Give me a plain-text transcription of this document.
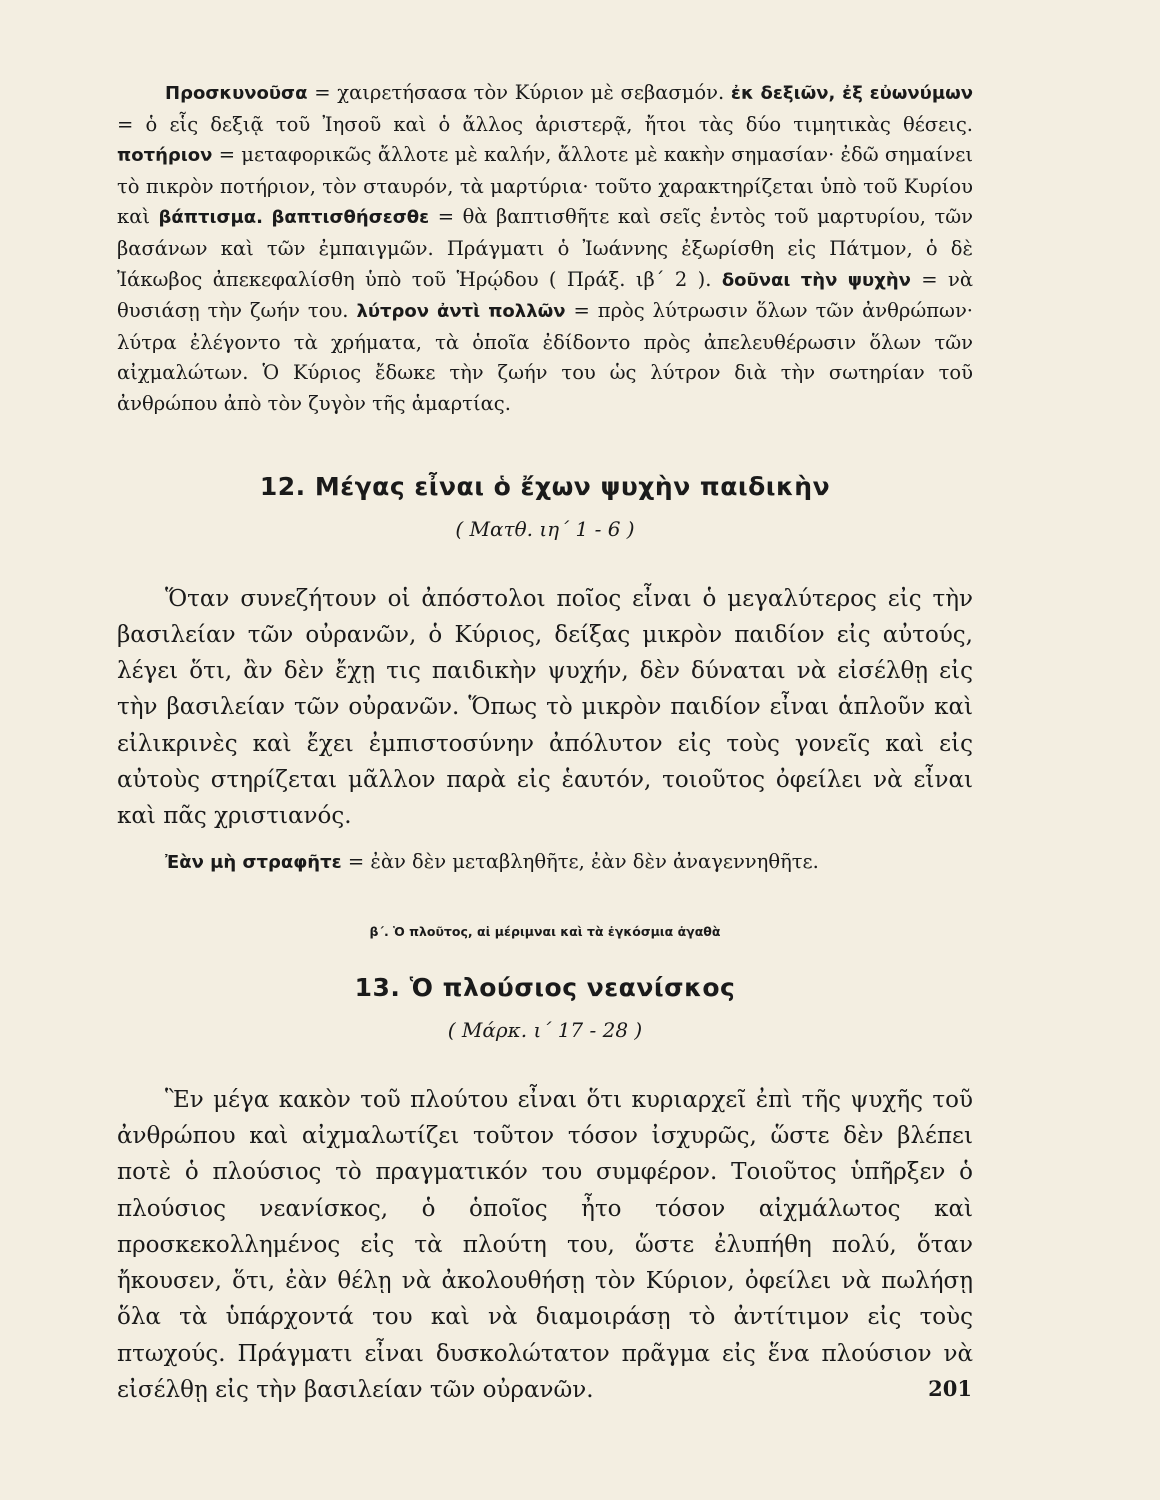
Προσκυνοῦσα = χαιρετήσασα τὸν Κύριον μὲ σεβασμόν. ἐκ δεξιῶν, ἐξ εὐωνύμων = ὁ εἷς δεξιᾷ τοῦ Ἰησοῦ καὶ ὁ ἄλλος ἀριστερᾷ, ἤτοι τὰς δύο τιμητικὰς θέσεις. ποτήριον = μεταφορικῶς ἄλλοτε μὲ καλήν, ἄλλοτε μὲ κακὴν σημασίαν· ἐδῶ σημαίνει τὸ πικρὸν ποτήριον, τὸν σταυρόν, τὰ μαρτύρια· τοῦτο χαρακτηρίζεται ὑπὸ τοῦ Κυρίου καὶ βάπτισμα. βαπτισθήσεσθε = θὰ βαπτισθῆτε καὶ σεῖς ἐντὸς τοῦ μαρτυρίου, τῶν βασάνων καὶ τῶν ἐμπαιγμῶν. Πράγματι ὁ Ἰωάννης ἐξωρίσθη εἰς Πάτμον, ὁ δὲ Ἰάκωβος ἀπεκεφαλίσθη ὑπὸ τοῦ Ἡρῴδου ( Πράξ. ιβ΄ 2 ). δοῦναι τὴν ψυχὴν = νὰ θυσιάσῃ τὴν ζωήν του. λύτρον ἀντὶ πολλῶν = πρὸς λύτρωσιν ὅλων τῶν ἀνθρώπων· λύτρα ἐλέγοντο τὰ χρήματα, τὰ ὁποῖα ἐδίδοντο πρὸς ἀπελευθέρωσιν ὅλων τῶν αἰχμαλώτων. Ὁ Κύριος ἔδωκε τὴν ζωήν του ὡς λύτρον διὰ τὴν σωτηρίαν τοῦ ἀνθρώπου ἀπὸ τὸν ζυγὸν τῆς ἁμαρτίας.

12. Μέγας εἶναι ὁ ἔχων ψυχὴν παιδικὴν
( Ματθ. ιη΄ 1 - 6 )

Ὅταν συνεζήτουν οἱ ἀπόστολοι ποῖος εἶναι ὁ μεγαλύτερος εἰς τὴν βασιλείαν τῶν οὐρανῶν, ὁ Κύριος, δείξας μικρὸν παιδίον εἰς αὐτούς, λέγει ὅτι, ἂν δὲν ἔχῃ τις παιδικὴν ψυχήν, δὲν δύναται νὰ εἰσέλθῃ εἰς τὴν βασιλείαν τῶν οὐρανῶν. Ὅπως τὸ μικρὸν παιδίον εἶναι ἁπλοῦν καὶ εἰλικρινὲς καὶ ἔχει ἐμπιστοσύνην ἀπόλυτον εἰς τοὺς γονεῖς καὶ εἰς αὐτοὺς στηρίζεται μᾶλλον παρὰ εἰς ἑαυτόν, τοιοῦτος ὀφείλει νὰ εἶναι καὶ πᾶς χριστιανός.

Ἐὰν μὴ στραφῆτε = ἐὰν δὲν μεταβληθῆτε, ἐὰν δὲν ἀναγεννηθῆτε.

β΄. Ὁ πλοῦτος, αἱ μέριμναι καὶ τὰ ἐγκόσμια ἀγαθὰ
13. Ὁ πλούσιος νεανίσκος
( Μάρκ. ι΄ 17 - 28 )

Ἓν μέγα κακὸν τοῦ πλούτου εἶναι ὅτι κυριαρχεῖ ἐπὶ τῆς ψυχῆς τοῦ ἀνθρώπου καὶ αἰχμαλωτίζει τοῦτον τόσον ἰσχυρῶς, ὥστε δὲν βλέπει ποτὲ ὁ πλούσιος τὸ πραγματικόν του συμφέρον. Τοιοῦτος ὑπῆρξεν ὁ πλούσιος νεανίσκος, ὁ ὁποῖος ἦτο τόσον αἰχμάλωτος καὶ προσκεκολλημένος εἰς τὰ πλούτη του, ὥστε ἐλυπήθη πολύ, ὅταν ἤκουσεν, ὅτι, ἐὰν θέλῃ νὰ ἀκολουθήσῃ τὸν Κύριον, ὀφείλει νὰ πωλήσῃ ὅλα τὰ ὑπάρχοντά του καὶ νὰ διαμοιράσῃ τὸ ἀντίτιμον εἰς τοὺς πτωχούς. Πράγματι εἶναι δυσκολώτατον πρᾶγμα εἰς ἕνα πλούσιον νὰ εἰσέλθῃ εἰς τὴν βασιλείαν τῶν οὐρανῶν.	201
